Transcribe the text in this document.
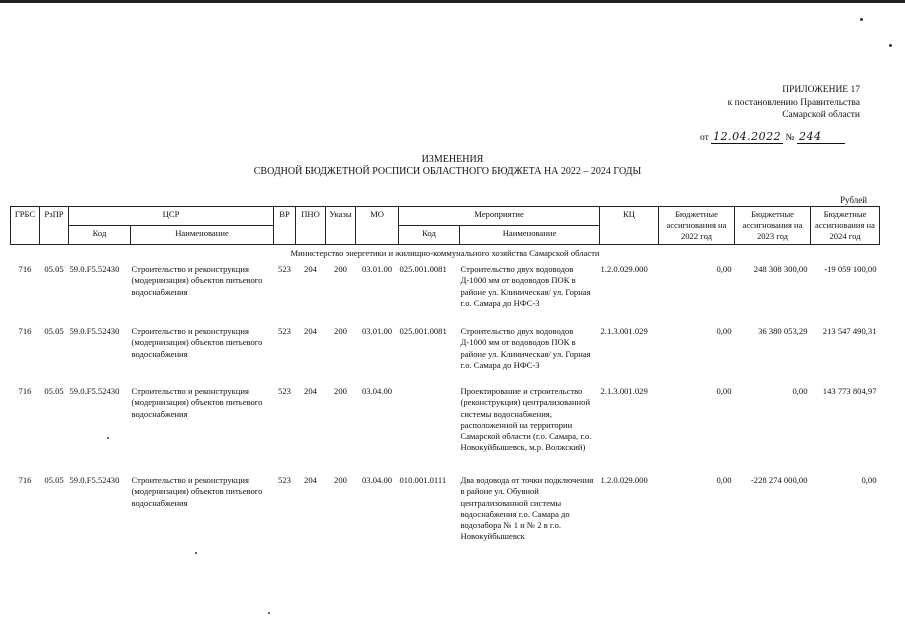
ПРИЛОЖЕНИЕ 17
к постановлению Правительства
Самарской области
от 12.04.2022 № 244
ИЗМЕНЕНИЯ
СВОДНОЙ БЮДЖЕТНОЙ РОСПИСИ ОБЛАСТНОГО БЮДЖЕТА НА 2022 – 2024 ГОДЫ
Рублей
ГРБС	РзПР	ЦСР		ВР	ПНО	Указы	МО	Мероприятие		КЦ	Бюджетные ассигнования на 2022 год	Бюджетные ассигнования на 2023 год	Бюджетные ассигнования на 2024 год
		Код	Наименование					Код	Наименование				
Министерство энергетики и жилищно-коммунального хозяйства Самарской области													
716	05.05	59.0.F5.52430	Строительство и реконструкция (модернизация) объектов питьевого водоснабжения	523	204	200	03.01.00	025.001.0081	Строительство двух водоводов Д-1000 мм от водоводов ПОК в районе ул. Клиническая/ ул. Горная г.о. Самара до НФС-3	1.2.0.029.000	0,00	248 308 300,00	-19 059 100,00
716	05.05	59.0.F5.52430	Строительство и реконструкция (модернизация) объектов питьевого водоснабжения	523	204	200	03.01.00	025.001.0081	Строительство двух водоводов Д-1000 мм от водоводов ПОК в районе ул. Клиническая/ ул. Горная г.о. Самара до НФС-3	2.1.3.001.029	0,00	36 380 053,29	213 547 490,31
716	05.05	59.0.F5.52430	Строительство и реконструкция (модернизация) объектов питьевого водоснабжения	523	204	200	03.04.00		Проектирование и строительство (реконструкция) централизованной системы водоснабжения, расположенной на территории Самарской области (г.о. Самара, г.о. Новокуйбышевск, м.р. Волжский)	2.1.3.001.029	0,00	0,00	143 773 804,97
716	05.05	59.0.F5.52430	Строительство и реконструкция (модернизация) объектов питьевого водоснабжения	523	204	200	03.04.00	010.001.0111	Два водовода от точки подключения в районе ул. Обувной централизованной системы водоснабжения г.о. Самара до водозабора № 1 и № 2 в г.о. Новокуйбышевск	1.2.0.029.000	0,00	-228 274 000,00	0,00
